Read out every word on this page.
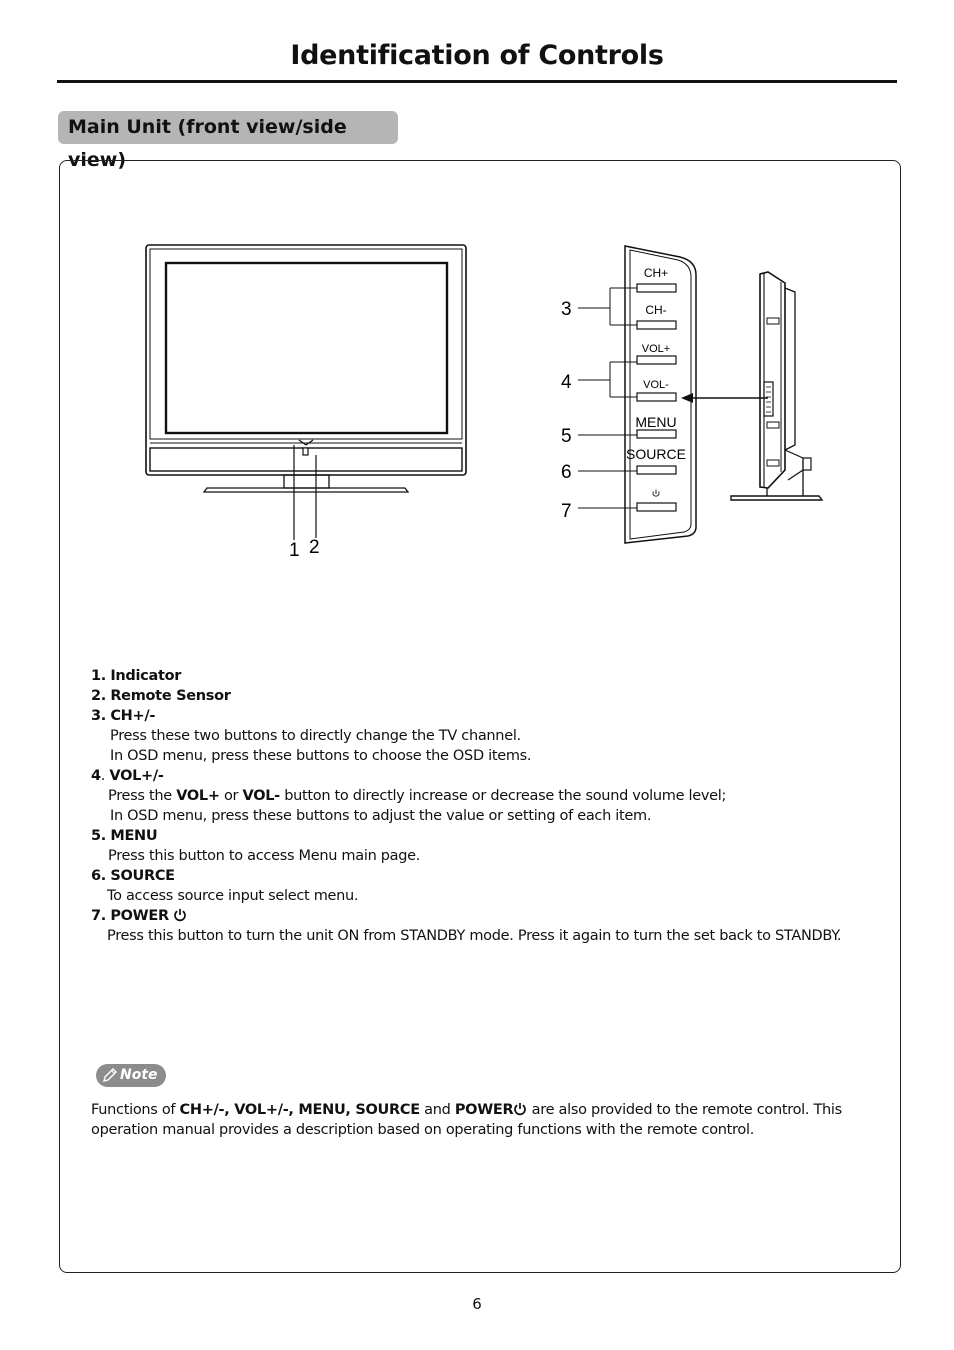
Identification of Controls
Main Unit (front view/side view)
1 2
CH+
CH-
VOL+
VOL-
MENU
SOURCE
3
4
5
6
7
1. Indicator
2. Remote Sensor
3. CH+/-
Press these two buttons to directly change the TV channel.
In OSD menu, press these buttons to choose the OSD items.
4. VOL+/-
Press the VOL+ or VOL- button to directly increase or decrease the sound volume level;
In OSD menu, press these buttons to adjust the value or setting of each item.
5. MENU
Press this button to access Menu main page.
6. SOURCE
To access source input select menu.
7. POWER
Press this button to turn the unit ON from STANDBY mode. Press it again to turn the set back to STANDBY.
Note
Functions of CH+/-, VOL+/-, MENU, SOURCE and POWER are also provided to the remote control. This operation manual provides a description based on operating functions with the remote control.
6
